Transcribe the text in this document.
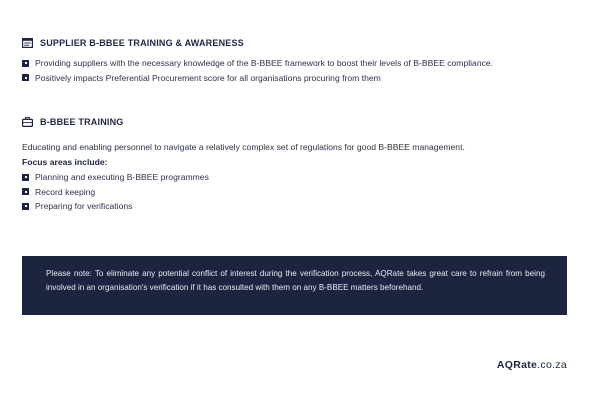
SUPPLIER B-BBEE TRAINING & AWARENESS
Providing suppliers with the necessary knowledge of the B-BBEE framework to boost their levels of B-BBEE compliance.
Positively impacts Preferential Procurement score for all organisations procuring from them
B-BBEE TRAINING
Educating and enabling personnel to navigate a relatively complex set of regulations for good B-BBEE management.
Focus areas include:
Planning and executing B-BBEE programmes
Record keeping
Preparing for verifications
Please note: To eliminate any potential conflict of interest during the verification process, AQRate takes great care to refrain from being involved in an organisation's verification if it has consulted with them on any B-BBEE matters beforehand.
AQRate.co.za
